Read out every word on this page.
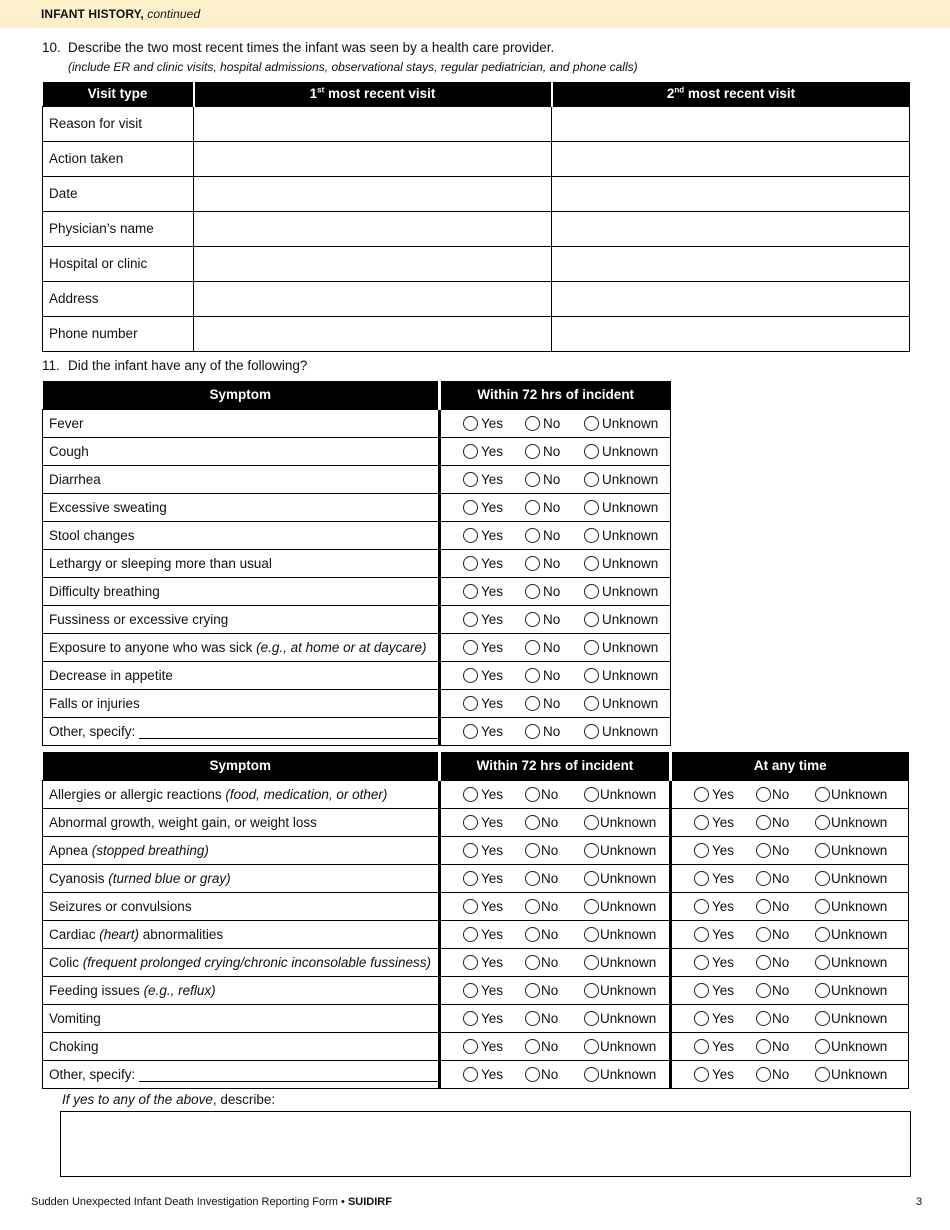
INFANT HISTORY, continued
10. Describe the two most recent times the infant was seen by a health care provider.
(include ER and clinic visits, hospital admissions, observational stays, regular pediatrician, and phone calls)
Visit type	1st most recent visit	2nd most recent visit
Reason for visit		
Action taken		
Date		
Physician’s name		
Hospital or clinic		
Address		
Phone number		
11. Did the infant have any of the following?
Symptom	Within 72 hrs of incident
Fever	Yes No Unknown
Cough	Yes No Unknown
Diarrhea	Yes No Unknown
Excessive sweating	Yes No Unknown
Stool changes	Yes No Unknown
Lethargy or sleeping more than usual	Yes No Unknown
Difficulty breathing	Yes No Unknown
Fussiness or excessive crying	Yes No Unknown
Exposure to anyone who was sick (e.g., at home or at daycare)	Yes No Unknown
Decrease in appetite	Yes No Unknown
Falls or injuries	Yes No Unknown
Other, specify:	Yes No Unknown
Symptom	Within 72 hrs of incident	At any time
Allergies or allergic reactions (food, medication, or other)	Yes No Unknown	Yes No Unknown
Abnormal growth, weight gain, or weight loss	Yes No Unknown	Yes No Unknown
Apnea (stopped breathing)	Yes No Unknown	Yes No Unknown
Cyanosis (turned blue or gray)	Yes No Unknown	Yes No Unknown
Seizures or convulsions	Yes No Unknown	Yes No Unknown
Cardiac (heart) abnormalities	Yes No Unknown	Yes No Unknown
Colic (frequent prolonged crying/chronic inconsolable fussiness)	Yes No Unknown	Yes No Unknown
Feeding issues (e.g., reflux)	Yes No Unknown	Yes No Unknown
Vomiting	Yes No Unknown	Yes No Unknown
Choking	Yes No Unknown	Yes No Unknown
Other, specify:	Yes No Unknown	Yes No Unknown
If yes to any of the above, describe:
Sudden Unexpected Infant Death Investigation Reporting Form • SUIDIRF	3
